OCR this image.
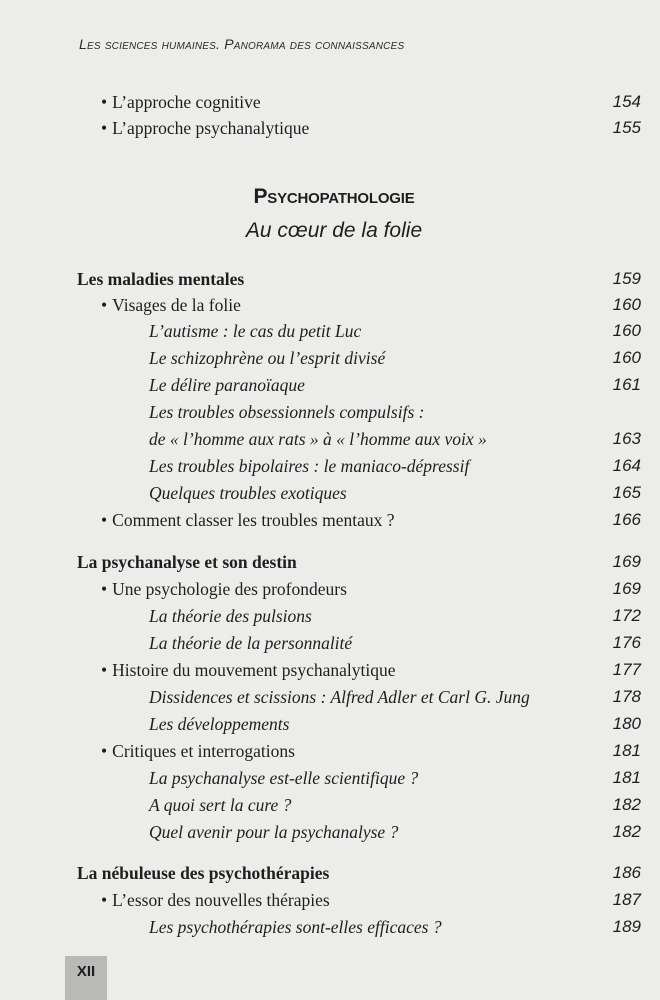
Les sciences humaines. Panorama des connaissances
• L’approche cognitive	154
• L’approche psychanalytique	155
Psychopathologie
Au cœur de la folie
Les maladies mentales	159
• Visages de la folie	160
L’autisme : le cas du petit Luc	160
Le schizophrène ou l’esprit divisé	160
Le délire paranoïaque	161
Les troubles obsessionnels compulsifs :
de « l’homme aux rats » à « l’homme aux voix »	163
Les troubles bipolaires : le maniaco-dépressif	164
Quelques troubles exotiques	165
• Comment classer les troubles mentaux ?	166
La psychanalyse et son destin	169
• Une psychologie des profondeurs	169
La théorie des pulsions	172
La théorie de la personnalité	176
• Histoire du mouvement psychanalytique	177
Dissidences et scissions : Alfred Adler et Carl G. Jung	178
Les développements	180
• Critiques et interrogations	181
La psychanalyse est-elle scientifique ?	181
A quoi sert la cure ?	182
Quel avenir pour la psychanalyse ?	182
La nébuleuse des psychothérapies	186
• L’essor des nouvelles thérapies	187
Les psychothérapies sont-elles efficaces ?	189
XII
